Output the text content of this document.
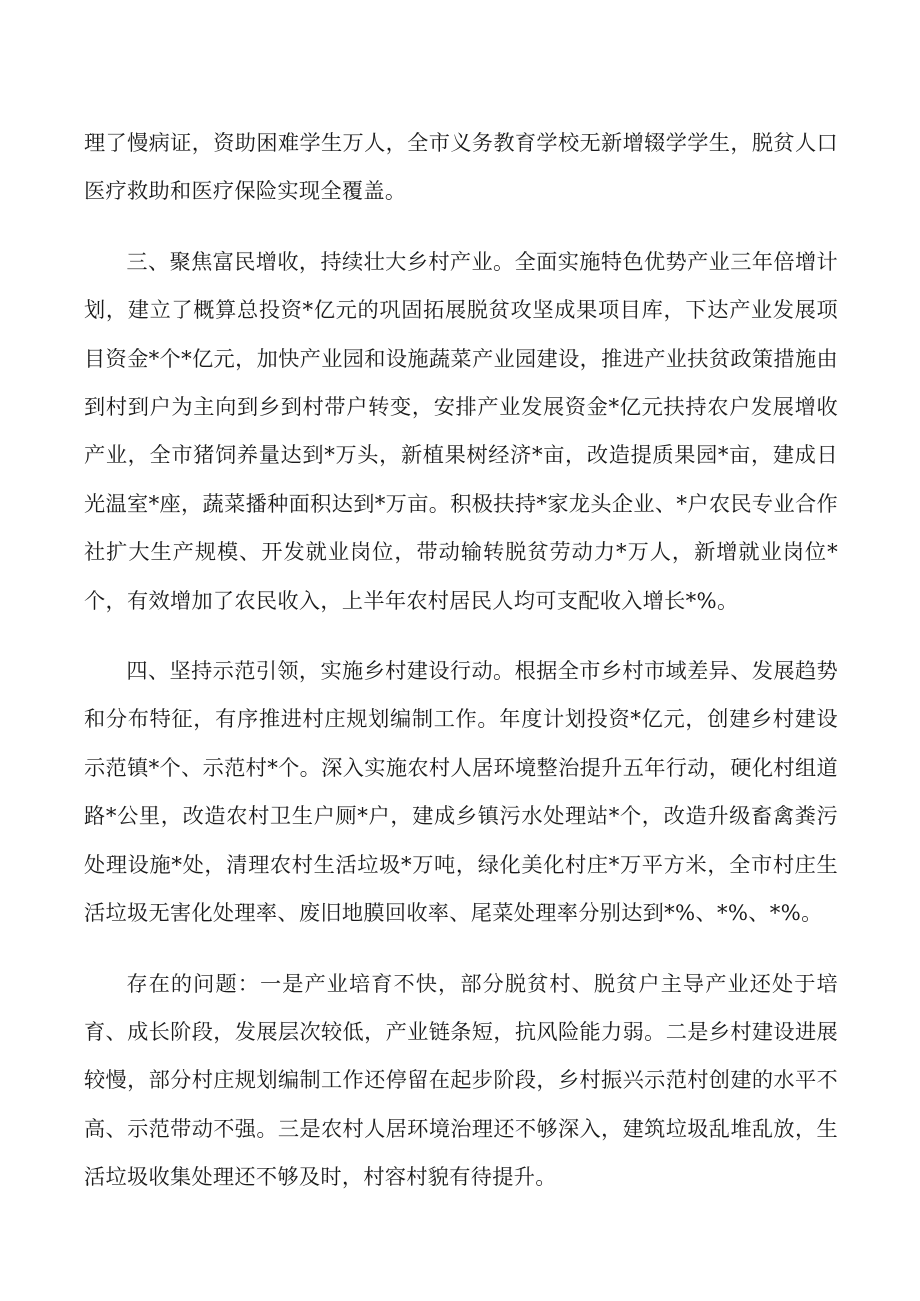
理了慢病证，资助困难学生万人，全市义务教育学校无新增辍学学生，脱贫人口医疗救助和医疗保险实现全覆盖。

三、聚焦富民增收，持续壮大乡村产业。全面实施特色优势产业三年倍增计划，建立了概算总投资*亿元的巩固拓展脱贫攻坚成果项目库，下达产业发展项目资金*个*亿元，加快产业园和设施蔬菜产业园建设，推进产业扶贫政策措施由到村到户为主向到乡到村带户转变，安排产业发展资金*亿元扶持农户发展增收产业，全市猪饲养量达到*万头，新植果树经济*亩，改造提质果园*亩，建成日光温室*座，蔬菜播种面积达到*万亩。积极扶持*家龙头企业、*户农民专业合作社扩大生产规模、开发就业岗位，带动输转脱贫劳动力*万人，新增就业岗位*个，有效增加了农民收入，上半年农村居民人均可支配收入增长*%。

四、坚持示范引领，实施乡村建设行动。根据全市乡村市域差异、发展趋势和分布特征，有序推进村庄规划编制工作。年度计划投资*亿元，创建乡村建设示范镇*个、示范村*个。深入实施农村人居环境整治提升五年行动，硬化村组道路*公里，改造农村卫生户厕*户，建成乡镇污水处理站*个，改造升级畜禽粪污处理设施*处，清理农村生活垃圾*万吨，绿化美化村庄*万平方米，全市村庄生活垃圾无害化处理率、废旧地膜回收率、尾菜处理率分别达到*%、*%、*%。

存在的问题：一是产业培育不快，部分脱贫村、脱贫户主导产业还处于培育、成长阶段，发展层次较低，产业链条短，抗风险能力弱。二是乡村建设进展较慢，部分村庄规划编制工作还停留在起步阶段，乡村振兴示范村创建的水平不高、示范带动不强。三是农村人居环境治理还不够深入，建筑垃圾乱堆乱放，生活垃圾收集处理还不够及时，村容村貌有待提升。
